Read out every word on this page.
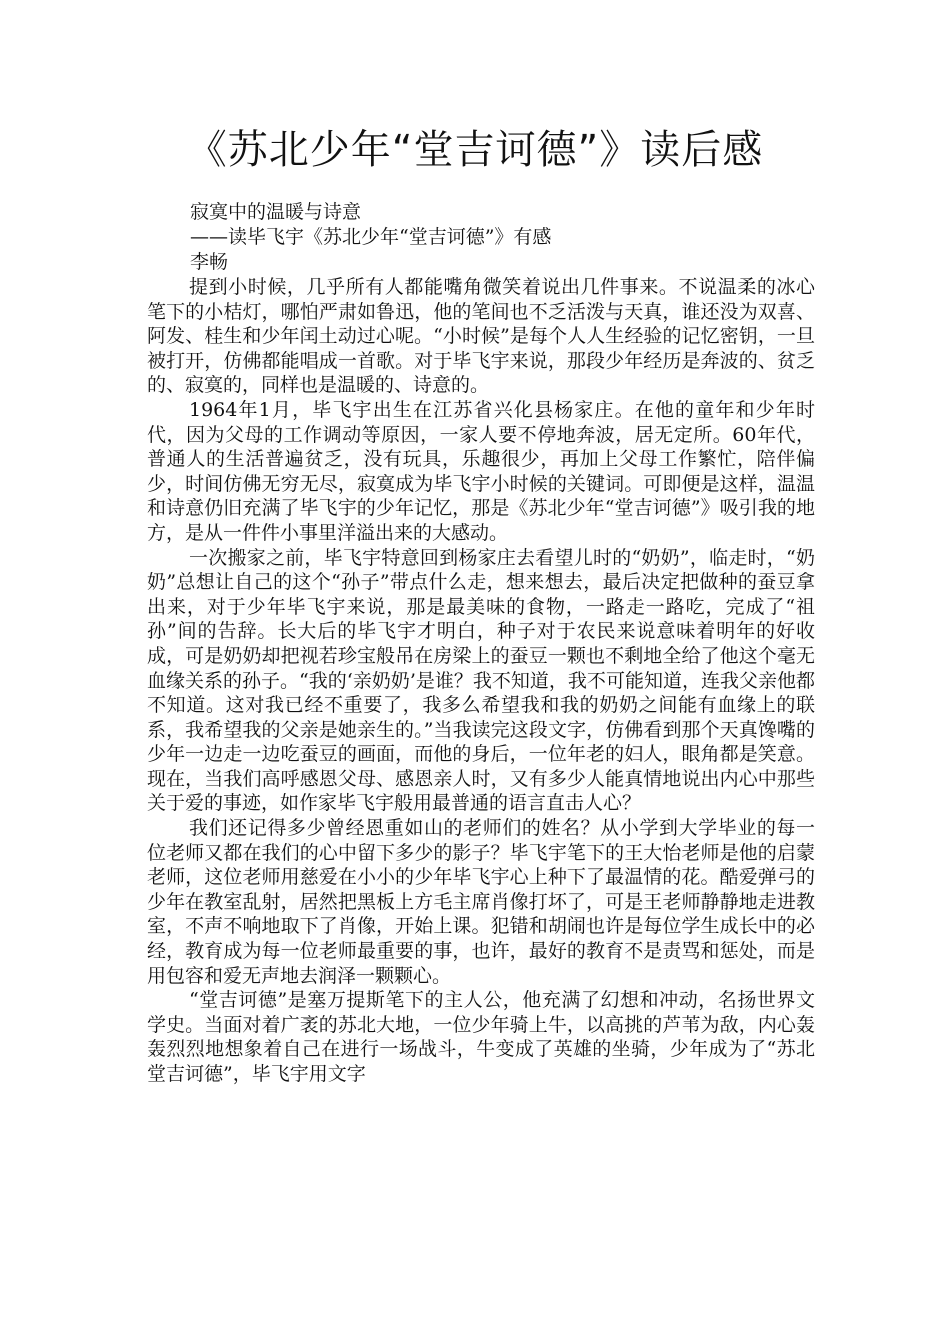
《苏北少年“堂吉诃德”》读后感
寂寞中的温暖与诗意
——读毕飞宇《苏北少年“堂吉诃德”》有感
李畅

提到小时候，几乎所有人都能嘴角微笑着说出几件事来。不说温柔的冰心笔下的小桔灯，哪怕严肃如鲁迅，他的笔间也不乏活泼与天真，谁还没为双喜、阿发、桂生和少年闰土动过心呢。“小时候”是每个人人生经验的记忆密钥，一旦被打开，仿佛都能唱成一首歌。对于毕飞宇来说，那段少年经历是奔波的、贫乏的、寂寞的，同样也是温暖的、诗意的。

1964年1月，毕飞宇出生在江苏省兴化县杨家庄。在他的童年和少年时代，因为父母的工作调动等原因，一家人要不停地奔波，居无定所。60年代，普通人的生活普遍贫乏，没有玩具，乐趣很少，再加上父母工作繁忙，陪伴偏少，时间仿佛无穷无尽，寂寞成为毕飞宇小时候的关键词。可即便是这样，温温和诗意仍旧充满了毕飞宇的少年记忆，那是《苏北少年“堂吉诃德”》吸引我的地方，是从一件件小事里洋溢出来的大感动。

一次搬家之前，毕飞宇特意回到杨家庄去看望儿时的“奶奶”，临走时，“奶奶”总想让自己的这个“孙子”带点什么走，想来想去，最后决定把做种的蚕豆拿出来，对于少年毕飞宇来说，那是最美味的食物，一路走一路吃，完成了“祖孙”间的告辞。长大后的毕飞宇才明白，种子对于农民来说意味着明年的好收成，可是奶奶却把视若珍宝般吊在房梁上的蚕豆一颗也不剩地全给了他这个毫无血缘关系的孙子。“我的‘亲奶奶’是谁？我不知道，我不可能知道，连我父亲他都不知道。这对我已经不重要了，我多么希望我和我的奶奶之间能有血缘上的联系，我希望我的父亲是她亲生的。”当我读完这段文字，仿佛看到那个天真馋嘴的少年一边走一边吃蚕豆的画面，而他的身后，一位年老的妇人，眼角都是笑意。现在，当我们高呼感恩父母、感恩亲人时，又有多少人能真情地说出内心中那些关于爱的事迹，如作家毕飞宇般用最普通的语言直击人心？

我们还记得多少曾经恩重如山的老师们的姓名？从小学到大学毕业的每一位老师又都在我们的心中留下多少的影子？毕飞宇笔下的王大怡老师是他的启蒙老师，这位老师用慈爱在小小的少年毕飞宇心上种下了最温情的花。酷爱弹弓的少年在教室乱射，居然把黑板上方毛主席肖像打坏了，可是王老师静静地走进教室，不声不响地取下了肖像，开始上课。犯错和胡闹也许是每位学生成长中的必经，教育成为每一位老师最重要的事，也许，最好的教育不是责骂和惩处，而是用包容和爱无声地去润泽一颗颗心。

“堂吉诃德”是塞万提斯笔下的主人公，他充满了幻想和冲动，名扬世界文学史。当面对着广袤的苏北大地，一位少年骑上牛，以高挑的芦苇为敌，内心轰轰烈烈地想象着自己在进行一场战斗，牛变成了英雄的坐骑，少年成为了“苏北堂吉诃德”，毕飞宇用文字
